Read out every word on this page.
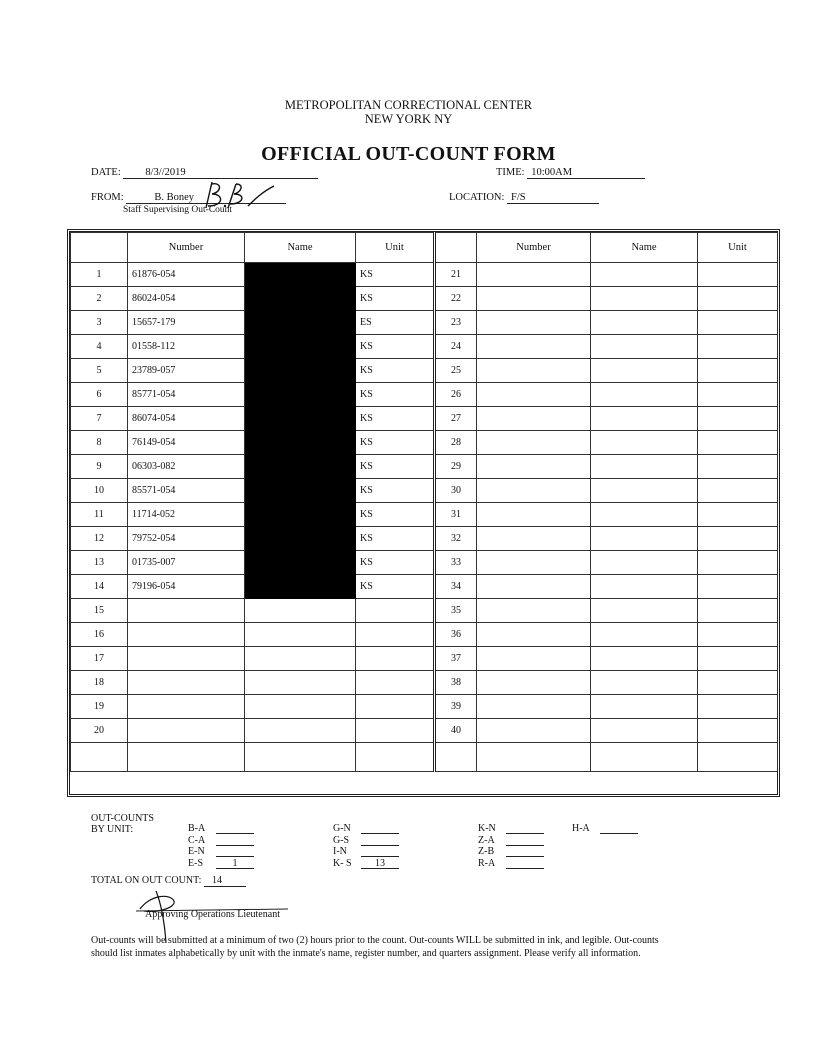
METROPOLITAN CORRECTIONAL CENTER
NEW YORK NY
OFFICIAL OUT-COUNT FORM
DATE: 8/3//2019	TIME: 10:00AM
FROM:	B. Boney
Staff Supervising Out-Count
LOCATION: F/S
	Number	Name	Unit		Number	Name	Unit
1	61876-054		KS	21			
2	86024-054		KS	22			
3	15657-179		ES	23			
4	01558-112		KS	24			
5	23789-057		KS	25			
6	85771-054		KS	26			
7	86074-054		KS	27			
8	76149-054		KS	28			
9	06303-082		KS	29			
10	85571-054		KS	30			
11	11714-052		KS	31			
12	79752-054		KS	32			
13	01735-007		KS	33			
14	79196-054		KS	34			
15				35			
16				36			
17				37			
18				38			
19				39			
20				40			

OUT-COUNTS
BY UNIT:	B-A
C-A
E-N
E-S	1
G-N
G-S
I-N
K- S 13
K-N
Z-A
Z-B
R-A
H-A
TOTAL ON OUT COUNT: 14
Approving Operations Lieutenant
Out-counts will be submitted at a minimum of two (2) hours prior to the count. Out-counts WILL be submitted in ink, and legible. Out-counts
should list inmates alphabetically by unit with the inmate's name, register number, and quarters assignment. Please verify all information.
